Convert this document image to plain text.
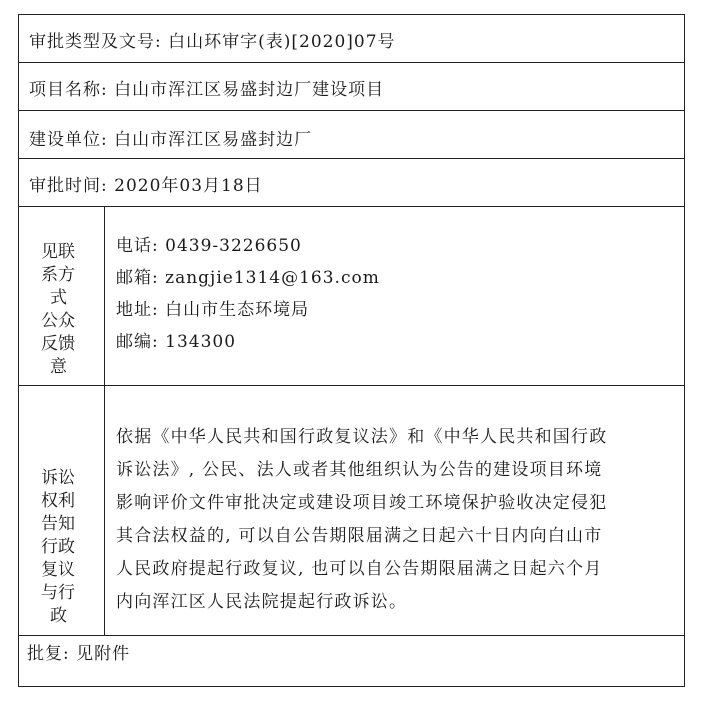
审批类型及文号: 白山环审字(表)[2020]07号
项目名称: 白山市浑江区易盛封边厂建设项目
建设单位: 白山市浑江区易盛封边厂
审批时间: 2020年03月18日
见联
系方
式
公众
反馈
意
电话: 0439-3226650
邮箱: zangjie1314@163.com
地址: 白山市生态环境局
邮编: 134300
诉讼
权利
告知
行政
复议
与行
政
依据《中华人民共和国行政复议法》和《中华人民共和国行政
诉讼法》, 公民、法人或者其他组织认为公告的建设项目环境
影响评价文件审批决定或建设项目竣工环境保护验收决定侵犯
其合法权益的, 可以自公告期限届满之日起六十日内向白山市
人民政府提起行政复议, 也可以自公告期限届满之日起六个月
内向浑江区人民法院提起行政诉讼。
批复: 见附件
